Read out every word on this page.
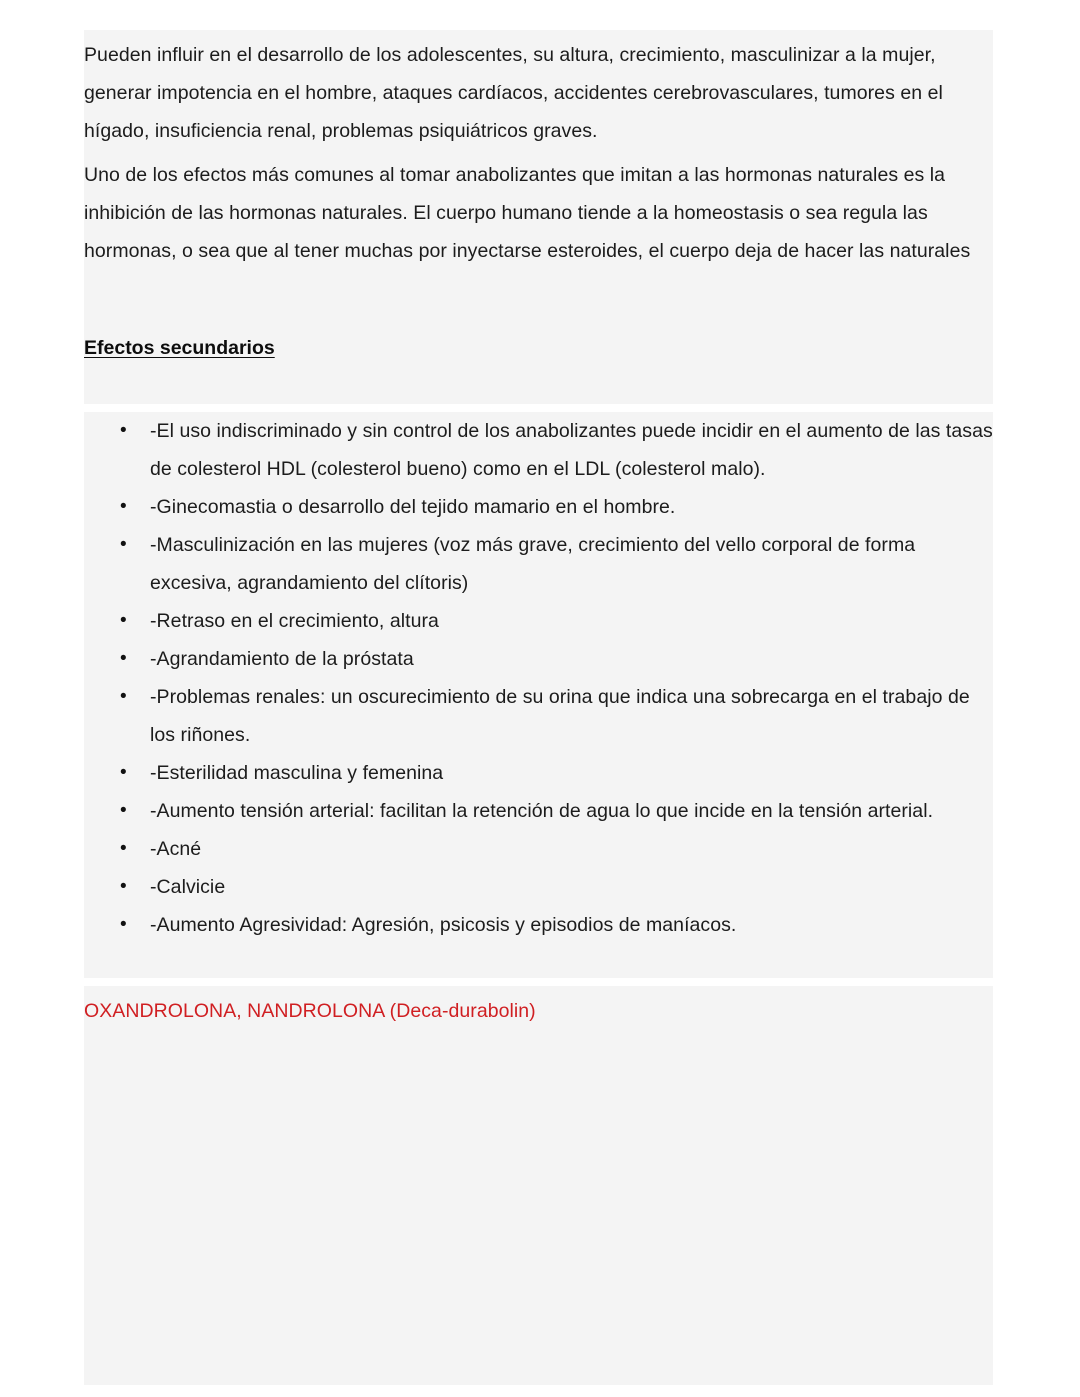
Pueden influir en el desarrollo de los adolescentes, su altura, crecimiento, masculinizar a la mujer, generar impotencia en el hombre, ataques cardíacos, accidentes cerebrovasculares, tumores en el hígado, insuficiencia renal, problemas psiquiátricos graves.

Uno de los efectos más comunes al tomar anabolizantes que imitan a las hormonas naturales es la inhibición de las hormonas naturales. El cuerpo humano tiende a la homeostasis o sea regula las hormonas, o sea que al tener muchas por inyectarse esteroides, el cuerpo deja de hacer las naturales

Efectos secundarios
• -El uso indiscriminado y sin control de los anabolizantes puede incidir en el aumento de las tasas de colesterol HDL (colesterol bueno) como en el LDL (colesterol malo).
• -Ginecomastia o desarrollo del tejido mamario en el hombre.
• -Masculinización en las mujeres (voz más grave, crecimiento del vello corporal de forma excesiva, agrandamiento del clítoris)
• -Retraso en el crecimiento, altura
• -Agrandamiento de la próstata
• -Problemas renales: un oscurecimiento de su orina que indica una sobrecarga en el trabajo de los riñones.
• -Esterilidad masculina y femenina
• -Aumento tensión arterial: facilitan la retención de agua lo que incide en la tensión arterial.
• -Acné
• -Calvicie
• -Aumento Agresividad: Agresión, psicosis y episodios de maníacos.

OXANDROLONA, NANDROLONA (Deca-durabolin)
